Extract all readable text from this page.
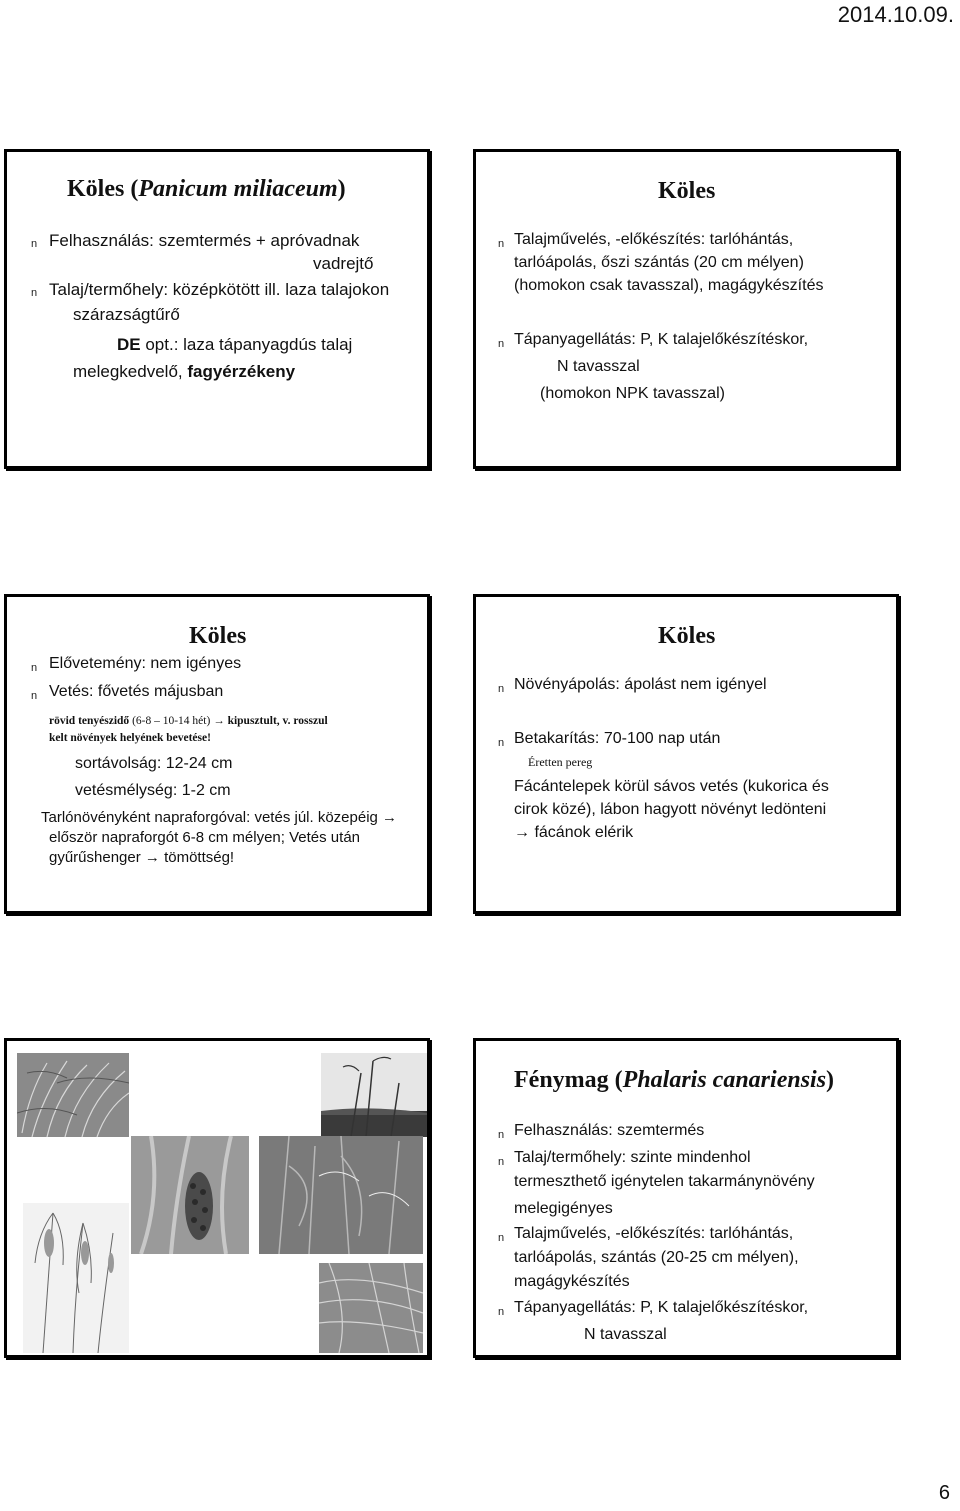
2014.10.09.
Köles (Panicum miliaceum)
n Felhasználás: szemtermés + apróvadnak
vadrejtő
n Talaj/termőhely: középkötött ill. laza talajokon
szárazságtűrő
DE opt.: laza tápanyagdús talaj
melegkedvelő, fagyérzékeny
Köles
n Talajművelés, -előkészítés: tarlóhántás,
tarlóápolás, őszi szántás (20 cm mélyen)
(homokon csak tavasszal), magágykészítés
n Tápanyagellátás: P, K talajelőkészítéskor,
N tavasszal
(homokon NPK tavasszal)
Köles
n Elővetemény: nem igényes
n Vetés: fővetés májusban
rövid tenyészidő (6-8 – 10-14 hét) → kipusztult, v. rosszul
kelt növények helyének bevetése!
sortávolság: 12-24 cm
vetésmélység: 1-2 cm
Tarlónövényként napraforgóval: vetés júl. közepéig →
először napraforgót 6-8 cm mélyen; Vetés után
gyűrűshenger → tömöttség!
Köles
n Növényápolás: ápolást nem igényel
n Betakarítás: 70-100 nap után
Éretten pereg
Fácántelepek körül sávos vetés (kukorica és
cirok közé), lábon hagyott növényt ledönteni
→ fácánok elérik
Fénymag (Phalaris canariensis)
n Felhasználás: szemtermés
n Talaj/termőhely: szinte mindenhol
termeszthető igénytelen takarmánynövény
melegigényes
n Talajművelés, -előkészítés: tarlóhántás,
tarlóápolás, szántás (20-25 cm mélyen),
magágykészítés
n Tápanyagellátás: P, K talajelőkészítéskor,
N tavasszal
6
